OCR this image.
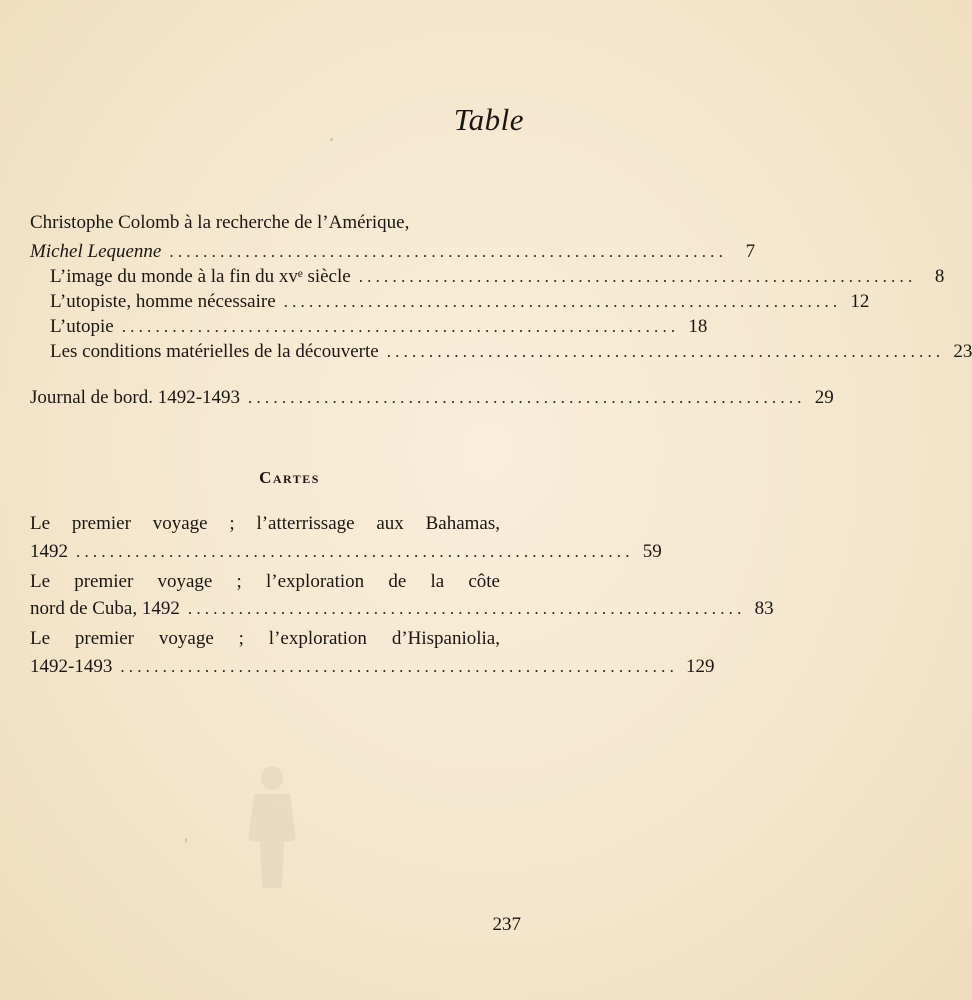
Table
Christophe Colomb à la recherche de l’Amérique,
Michel Lequenne .................................................................. 7
L’image du monde à la fin du xvᵉ siècle .................................................................. 8
L’utopiste, homme nécessaire .................................................................. 12
L’utopie .................................................................. 18
Les conditions matérielles de la découverte .................................................................. 23
Journal de bord. 1492-1493 .................................................................. 29
Cartes
Le premier voyage ; l’atterrissage aux Bahamas,
1492 .................................................................. 59
Le premier voyage ; l’exploration de la côte
nord de Cuba, 1492 .................................................................. 83
Le premier voyage ; l’exploration d’Hispaniolia,
1492-1493 .................................................................. 129
237
